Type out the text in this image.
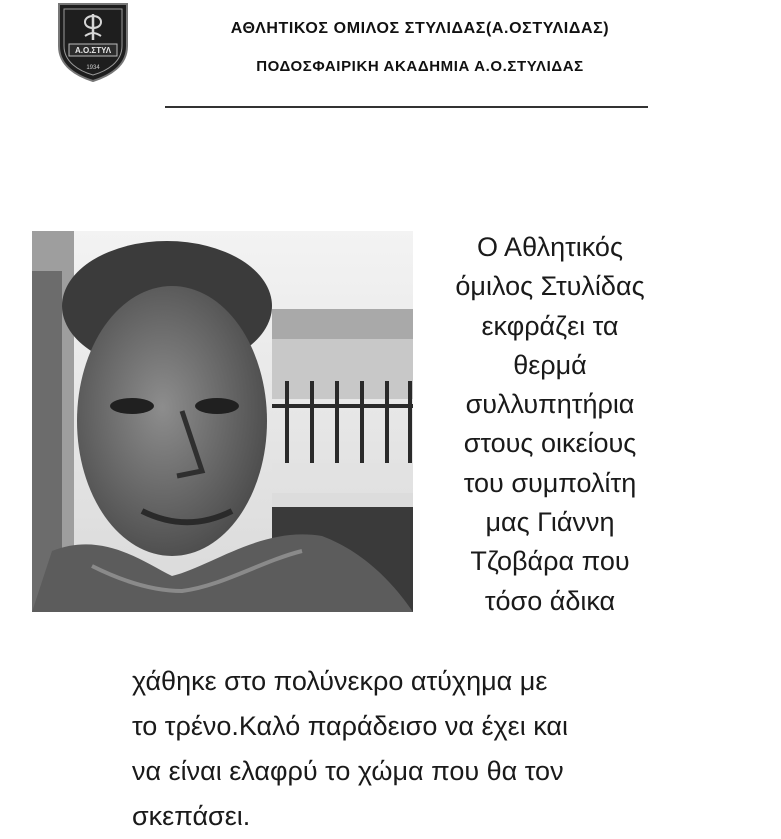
Α.Ο.ΣΤΥΛ
1934
ΑΘΛΗΤΙΚΟΣ ΟΜΙΛΟΣ ΣΤΥΛΙΔΑΣ(Α.ΟΣΤΥΛΙΔΑΣ)
ΠΟΔΟΣΦΑΙΡΙΚΗ ΑΚΑΔΗΜΙΑ Α.Ο.ΣΤΥΛΙΔΑΣ
Ο Αθλητικός
όμιλος Στυλίδας
εκφράζει τα
θερμά
συλλυπητήρια
στους οικείους
του συμπολίτη
μας Γιάννη
Τζοβάρα που
τόσο άδικα
χάθηκε στο πολύνεκρο ατύχημα με
το τρένο.Καλό παράδεισο να έχει και
να είναι ελαφρύ το χώμα που θα τον
σκεπάσει.
